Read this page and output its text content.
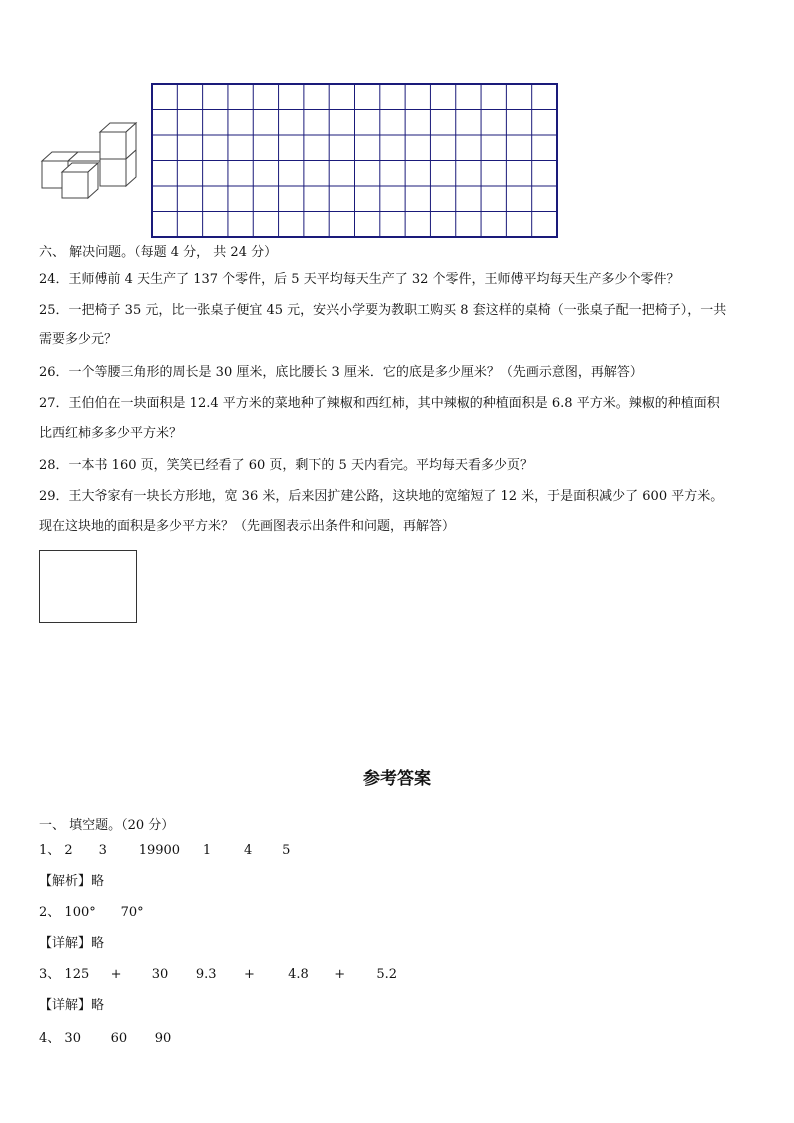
六、 解决问题。（每题 4 分， 共 24 分）
24．王师傅前 4 天生产了 137 个零件，后 5 天平均每天生产了 32 个零件，王师傅平均每天生产多少个零件？
25．一把椅子 35 元，比一张桌子便宜 45 元，安兴小学要为教职工购买 8 套这样的桌椅（一张桌子配一把椅子），一共
需要多少元？
26．一个等腰三角形的周长是 30 厘米，底比腰长 3 厘米．它的底是多少厘米？（先画示意图，再解答）
27．王伯伯在一块面积是 12.4 平方米的菜地种了辣椒和西红柿，其中辣椒的种植面积是 6.8 平方米。辣椒的种植面积
比西红柿多多少平方米？
28．一本书 160 页，笑笑已经看了 60 页，剩下的 5 天内看完。平均每天看多少页？
29．王大爷家有一块长方形地，宽 36 米，后来因扩建公路，这块地的宽缩短了 12 米，于是面积减少了 600 平方米。
现在这块地的面积是多少平方米？（先画图表示出条件和问题，再解答）
参考答案
一、 填空题。（20 分）
1、 2 3 19900 1	4 5
【解析】略
2、 100° 70°
【详解】略
3、 125 + 30 9.3 +	4.8 + 5.2
【详解】略
4、 30 60 90
